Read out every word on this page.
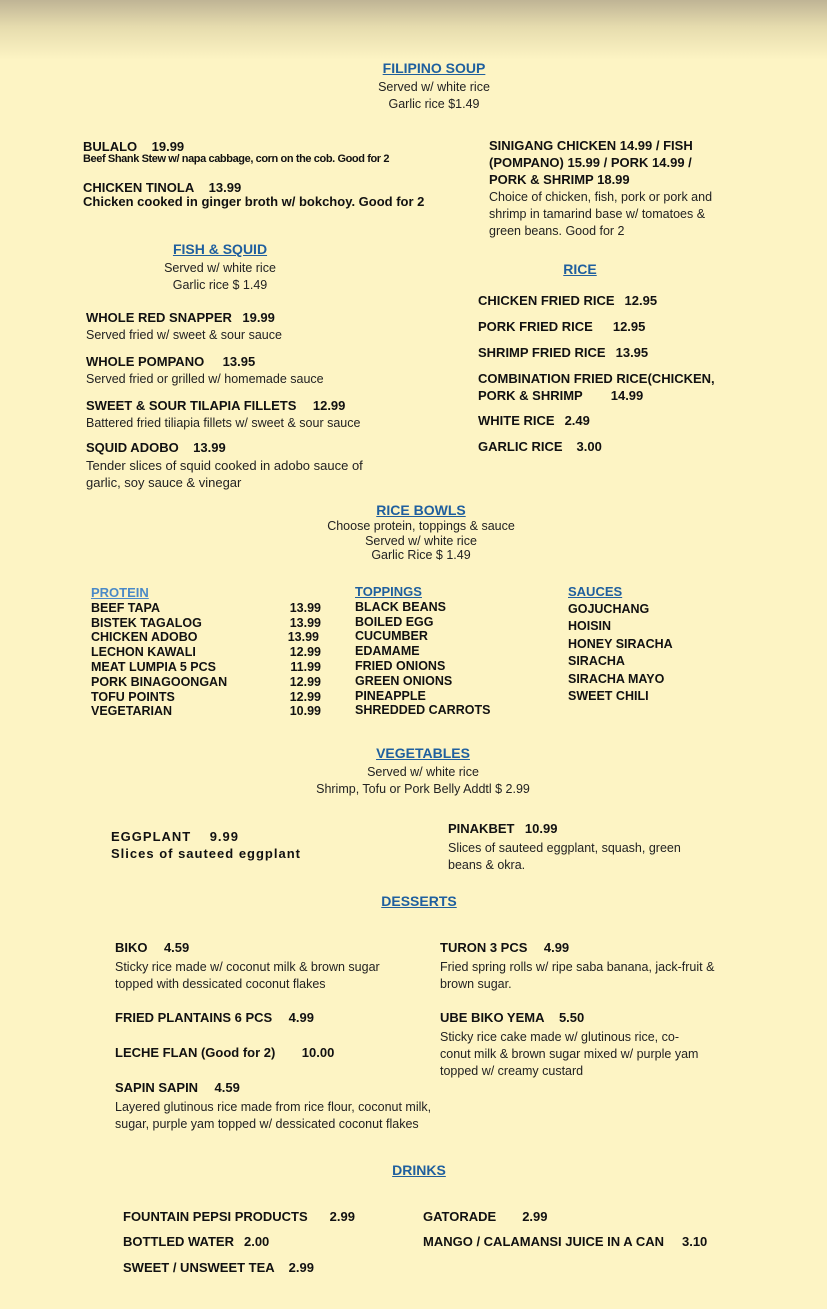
FILIPINO SOUP
Served w/ white rice
Garlic rice $1.49
BULALO 19.99
Beef Shank Stew w/ napa cabbage, corn on the cob. Good for 2
CHICKEN TINOLA 13.99
Chicken cooked in ginger broth w/ bokchoy. Good for 2
SINIGANG CHICKEN 14.99 / FISH (POMPANO) 15.99 / PORK 14.99 / PORK & SHRIMP 18.99
Choice of chicken, fish, pork or pork and shrimp in tamarind base w/ tomatoes & green beans. Good for 2
FISH & SQUID
Served w/ white rice
Garlic rice $ 1.49
WHOLE RED SNAPPER 19.99
Served fried w/ sweet & sour sauce
WHOLE POMPANO 13.95
Served fried or grilled w/ homemade sauce
SWEET & SOUR TILAPIA FILLETS 12.99
Battered fried tiliapia fillets w/ sweet & sour sauce
SQUID ADOBO 13.99
Tender slices of squid cooked in adobo sauce of garlic, soy sauce & vinegar
RICE
CHICKEN FRIED RICE 12.95
PORK FRIED RICE 12.95
SHRIMP FRIED RICE 13.95
COMBINATION FRIED RICE(CHICKEN, PORK & SHRIMP 14.99
WHITE RICE 2.49
GARLIC RICE 3.00
RICE BOWLS
Choose protein, toppings & sauce
Served w/ white rice
Garlic Rice $ 1.49
PROTEIN
BEEF TAPA	13.99
BISTEK TAGALOG	13.99
CHICKEN ADOBO	13.99
LECHON KAWALI	12.99
MEAT LUMPIA 5 PCS	11.99
PORK BINAGOONGAN	12.99
TOFU POINTS	12.99
VEGETARIAN	10.99
TOPPINGS
BLACK BEANS
BOILED EGG
CUCUMBER
EDAMAME
FRIED ONIONS
GREEN ONIONS
PINEAPPLE
SHREDDED CARROTS
SAUCES
GOJUCHANG
HOISIN
HONEY SIRACHA
SIRACHA
SIRACHA MAYO
SWEET CHILI
VEGETABLES
Served w/ white rice
Shrimp, Tofu or Pork Belly Addtl $ 2.99
EGGPLANT 9.99
Slices of sauteed eggplant
PINAKBET 10.99
Slices of sauteed eggplant, squash, green beans & okra.
DESSERTS
BIKO 4.59
Sticky rice made w/ coconut milk & brown sugar topped with dessicated coconut flakes
FRIED PLANTAINS 6 PCS 4.99
LECHE FLAN (Good for 2) 10.00
SAPIN SAPIN 4.59
Layered glutinous rice made from rice flour, coconut milk, sugar, purple yam topped w/ dessicated coconut flakes
TURON 3 PCS 4.99
Fried spring rolls w/ ripe saba banana, jack-fruit & brown sugar.
UBE BIKO YEMA 5.50
Sticky rice cake made w/ glutinous rice, co-conut milk & brown sugar mixed w/ purple yam topped w/ creamy custard
DRINKS
FOUNTAIN PEPSI PRODUCTS 2.99
BOTTLED WATER 2.00
SWEET / UNSWEET TEA 2.99
GATORADE 2.99
MANGO / CALAMANSI JUICE IN A CAN 3.10
